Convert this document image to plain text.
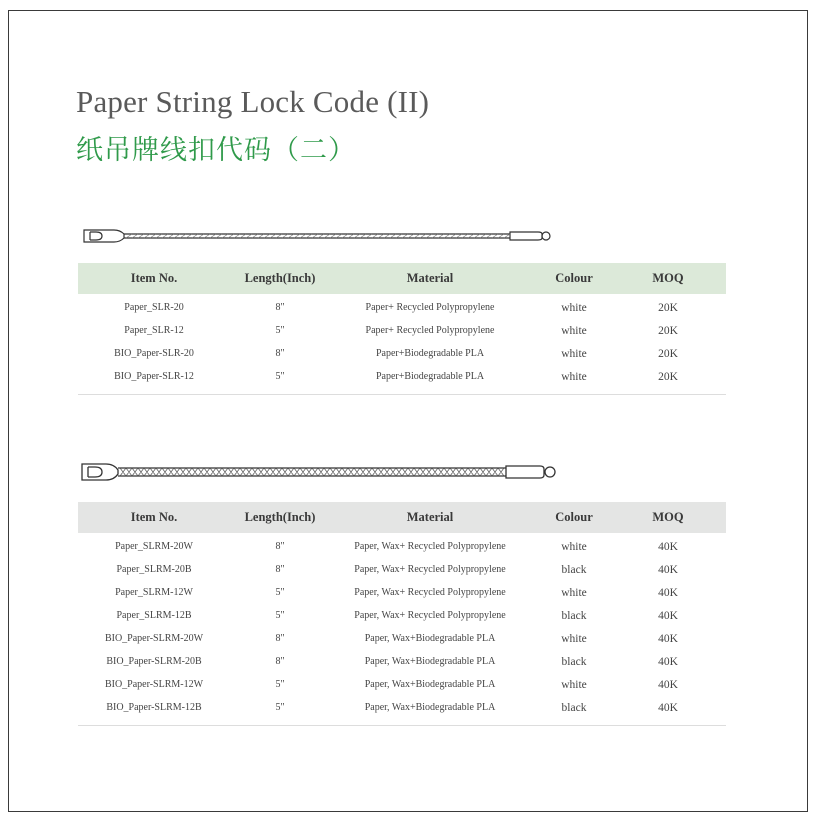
Paper String Lock Code (II)
纸吊牌线扣代码（二）
Item No.	Length(Inch)	Material	Colour	MOQ
Paper_SLR-20	8"	Paper+ Recycled Polypropylene	white	20K
Paper_SLR-12	5"	Paper+ Recycled Polypropylene	white	20K
BIO_Paper-SLR-20	8"	Paper+Biodegradable PLA	white	20K
BIO_Paper-SLR-12	5"	Paper+Biodegradable PLA	white	20K
Item No.	Length(Inch)	Material	Colour	MOQ
Paper_SLRM-20W	8"	Paper, Wax+ Recycled Polypropylene	white	40K
Paper_SLRM-20B	8"	Paper, Wax+ Recycled Polypropylene	black	40K
Paper_SLRM-12W	5"	Paper, Wax+ Recycled Polypropylene	white	40K
Paper_SLRM-12B	5"	Paper, Wax+ Recycled Polypropylene	black	40K
BIO_Paper-SLRM-20W	8"	Paper, Wax+Biodegradable PLA	white	40K
BIO_Paper-SLRM-20B	8"	Paper, Wax+Biodegradable PLA	black	40K
BIO_Paper-SLRM-12W	5"	Paper, Wax+Biodegradable PLA	white	40K
BIO_Paper-SLRM-12B	5"	Paper, Wax+Biodegradable PLA	black	40K
